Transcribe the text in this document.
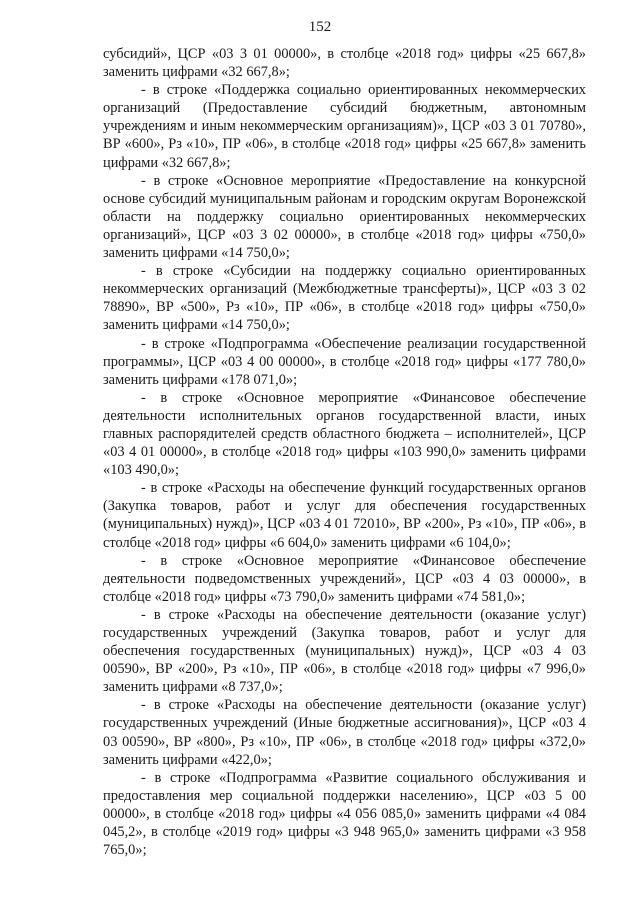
152

субсидий», ЦСР «03 3 01 00000», в столбце «2018 год» цифры «25 667,8» заменить цифрами «32 667,8»;

- в строке «Поддержка социально ориентированных некоммерческих организаций (Предоставление субсидий бюджетным, автономным учреждениям и иным некоммерческим организациям)», ЦСР «03 3 01 70780», ВР «600», Рз «10», ПР «06», в столбце «2018 год» цифры «25 667,8» заменить цифрами «32 667,8»;

- в строке «Основное мероприятие «Предоставление на конкурсной основе субсидий муниципальным районам и городским округам Воронежской области на поддержку социально ориентированных некоммерческих организаций», ЦСР «03 3 02 00000», в столбце «2018 год» цифры «750,0» заменить цифрами «14 750,0»;

- в строке «Субсидии на поддержку социально ориентированных некоммерческих организаций (Межбюджетные трансферты)», ЦСР «03 3 02 78890», ВР «500», Рз «10», ПР «06», в столбце «2018 год» цифры «750,0» заменить цифрами «14 750,0»;

- в строке «Подпрограмма «Обеспечение реализации государственной программы», ЦСР «03 4 00 00000», в столбце «2018 год» цифры «177 780,0» заменить цифрами «178 071,0»;

- в строке «Основное мероприятие «Финансовое обеспечение деятельности исполнительных органов государственной власти, иных главных распорядителей средств областного бюджета – исполнителей», ЦСР «03 4 01 00000», в столбце «2018 год» цифры «103 990,0» заменить цифрами «103 490,0»;

- в строке «Расходы на обеспечение функций государственных органов (Закупка товаров, работ и услуг для обеспечения государственных (муниципальных) нужд)», ЦСР «03 4 01 72010», ВР «200», Рз «10», ПР «06», в столбце «2018 год» цифры «6 604,0» заменить цифрами «6 104,0»;

- в строке «Основное мероприятие «Финансовое обеспечение деятельности подведомственных учреждений», ЦСР «03 4 03 00000», в столбце «2018 год» цифры «73 790,0» заменить цифрами «74 581,0»;

- в строке «Расходы на обеспечение деятельности (оказание услуг) государственных учреждений (Закупка товаров, работ и услуг для обеспечения государственных (муниципальных) нужд)», ЦСР «03 4 03 00590», ВР «200», Рз «10», ПР «06», в столбце «2018 год» цифры «7 996,0» заменить цифрами «8 737,0»;

- в строке «Расходы на обеспечение деятельности (оказание услуг) государственных учреждений (Иные бюджетные ассигнования)», ЦСР «03 4 03 00590», ВР «800», Рз «10», ПР «06», в столбце «2018 год» цифры «372,0» заменить цифрами «422,0»;

- в строке «Подпрограмма «Развитие социального обслуживания и предоставления мер социальной поддержки населению», ЦСР «03 5 00 00000», в столбце «2018 год» цифры «4 056 085,0» заменить цифрами «4 084 045,2», в столбце «2019 год» цифры «3 948 965,0» заменить цифрами «3 958 765,0»;
